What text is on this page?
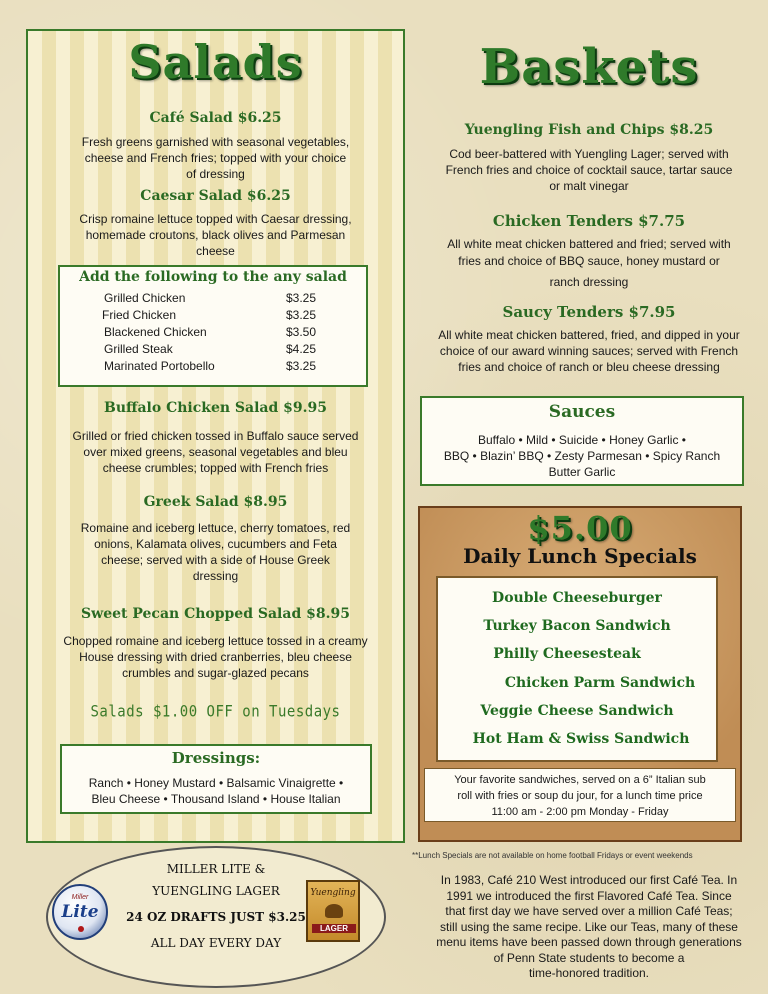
Salads
Café Salad $6.25
Fresh greens garnished with seasonal vegetables,
cheese and French fries; topped with your choice
of dressing
Caesar Salad $6.25
Crisp romaine lettuce topped with Caesar dressing,
homemade croutons, black olives and Parmesan
cheese
Add the following to the any salad
Grilled Chicken	$3.25
Fried Chicken	$3.25
Blackened Chicken	$3.50
Grilled Steak	$4.25
Marinated Portobello	$3.25
Buffalo Chicken Salad $9.95
Grilled or fried chicken tossed in Buffalo sauce served
over mixed greens, seasonal vegetables and bleu
cheese crumbles; topped with French fries
Greek Salad $8.95
Romaine and iceberg lettuce, cherry tomatoes, red
onions, Kalamata olives, cucumbers and Feta
cheese; served with a side of House Greek
dressing
Sweet Pecan Chopped Salad $8.95
Chopped romaine and iceberg lettuce tossed in a creamy
House dressing with dried cranberries, bleu cheese
crumbles and sugar-glazed pecans
Salads $1.00 OFF on Tuesdays
Dressings:
Ranch • Honey Mustard • Balsamic Vinaigrette •
Bleu Cheese • Thousand Island • House Italian
Baskets
Yuengling Fish and Chips $8.25
Cod beer-battered with Yuengling Lager; served with
French fries and choice of cocktail sauce, tartar sauce
or malt vinegar
Chicken Tenders $7.75
All white meat chicken battered and fried; served with
fries and choice of BBQ sauce, honey mustard or
ranch dressing
Saucy Tenders $7.95
All white meat chicken battered, fried, and dipped in your
choice of our award winning sauces; served with French
fries and choice of ranch or bleu cheese dressing
Sauces
Buffalo • Mild • Suicide • Honey Garlic •
BBQ • Blazin’ BBQ • Zesty Parmesan • Spicy Ranch
Butter Garlic
$5.00
Daily Lunch Specials
Double Cheeseburger
Turkey Bacon Sandwich
Philly Cheesesteak
Chicken Parm Sandwich
Veggie Cheese Sandwich
Hot Ham & Swiss Sandwich
Your favorite sandwiches, served on a 6” Italian sub
roll with fries or soup du jour, for a lunch time price
11:00 am - 2:00 pm Monday - Friday
**Lunch Specials are not available on home football Fridays or event weekends
MILLER LITE &
YUENGLING LAGER
24 OZ DRAFTS JUST $3.25
ALL DAY EVERY DAY
Miller
Lite
Yuengling
LAGER
In 1983, Café 210 West introduced our first Café Tea. In
1991 we introduced the first Flavored Café Tea. Since
that first day we have served over a million Café Teas;
still using the same recipe. Like our Teas, many of these
menu items have been passed down through generations
of Penn State students to become a
time-honored tradition.
